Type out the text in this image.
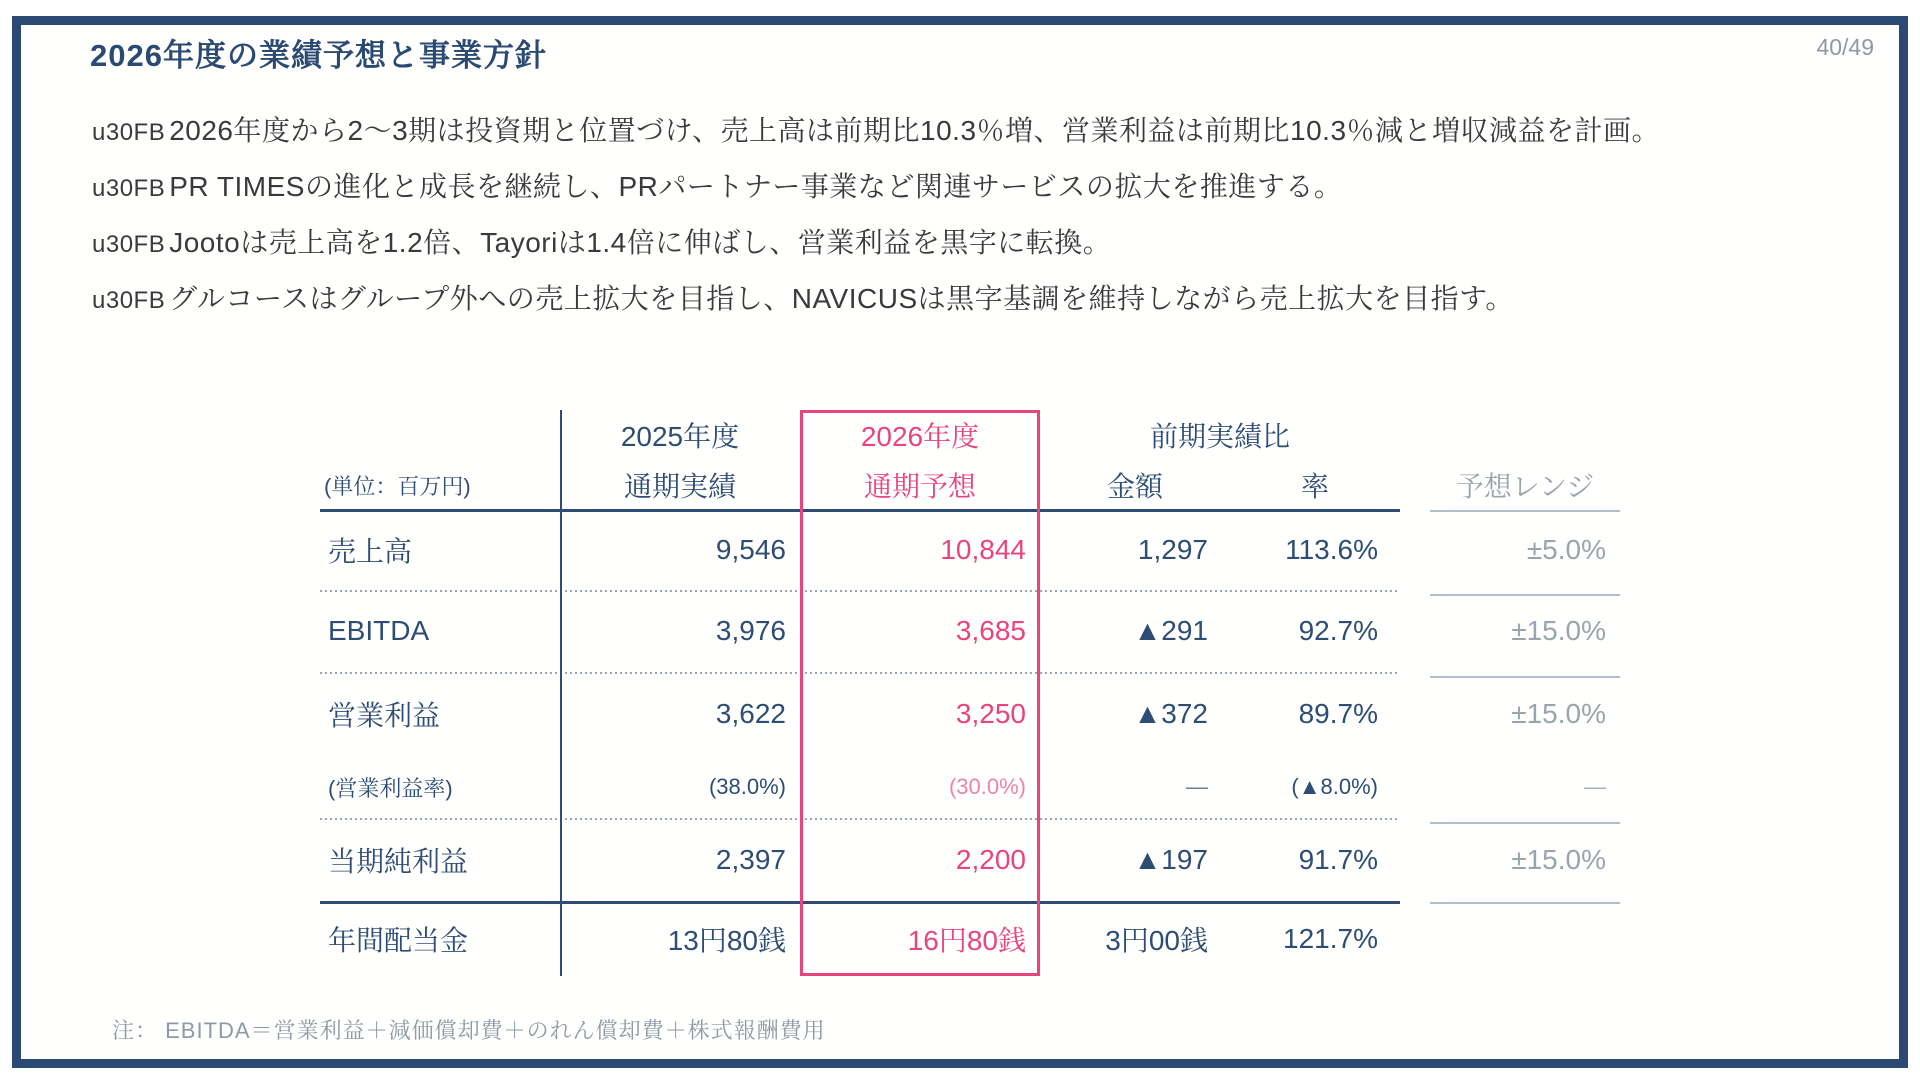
2026年度の業績予想と事業方針	40/49
u30FB 2026年度から2〜3期は投資期と位置づけ、売上高は前期比10.3％増、営業利益は前期比10.3％減と増収減益を計画。
u30FB PR TIMESの進化と成長を継続し、PRパートナー事業など関連サービスの拡大を推進する。
u30FB Jootoは売上高を1.2倍、Tayoriは1.4倍に伸ばし、営業利益を黒字に転換。
u30FB グルコースはグループ外への売上拡大を目指し、NAVICUSは黒字基調を維持しながら売上拡大を目指す。
2025年度	2026年度	前期実績比
(単位：百万円)	通期実績	通期予想	金額	率	予想レンジ
売上高	9,546	10,844	1,297	113.6%	±5.0%
EBITDA	3,976	3,685	▲291	92.7%	±15.0%
営業利益	3,622	3,250	▲372	89.7%	±15.0%
(営業利益率)	(38.0%)	(30.0%)	—	(▲8.0%)	—
当期純利益	2,397	2,200	▲197	91.7%	±15.0%
年間配当金	13円80銭	16円80銭	3円00銭	121.7%
注： EBITDA＝営業利益＋減価償却費＋のれん償却費＋株式報酬費用
